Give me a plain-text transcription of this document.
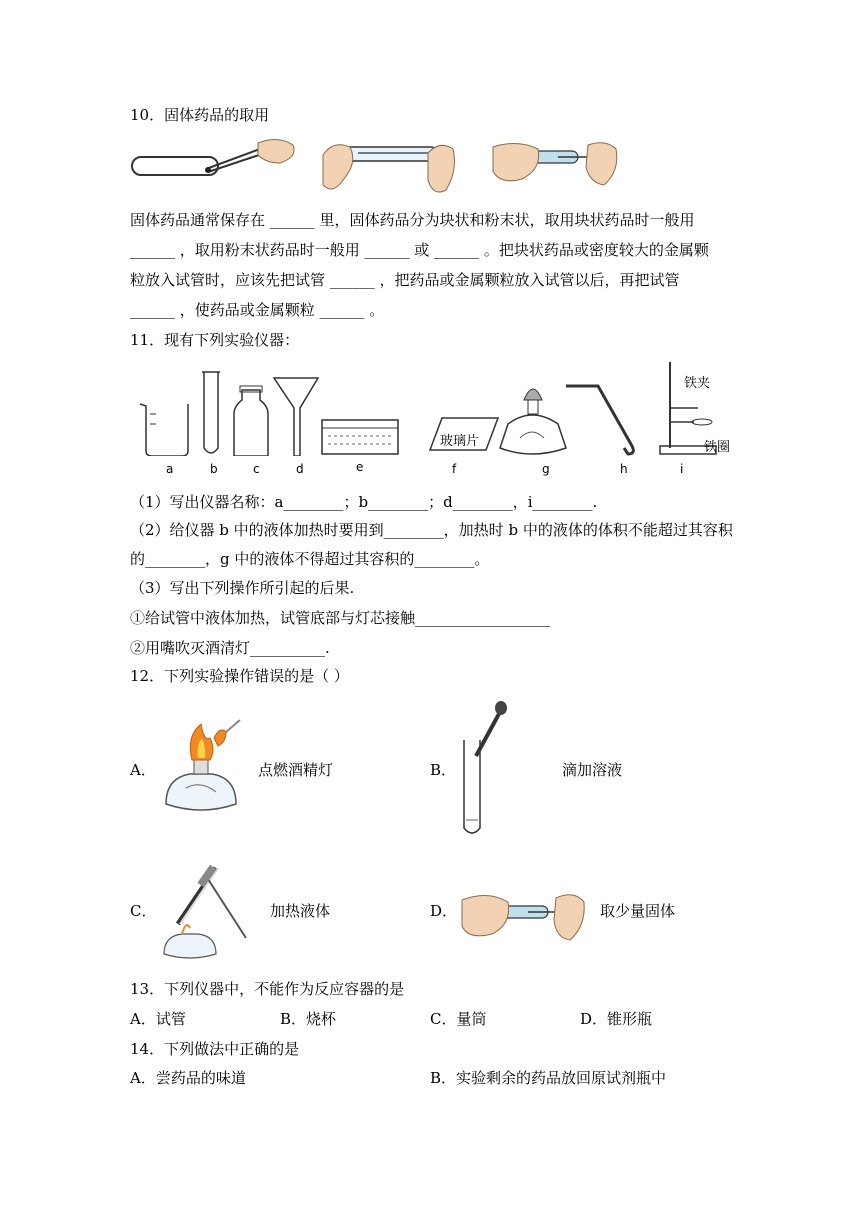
10．固体药品的取用
固体药品通常保存在 ______ 里，固体药品分为块状和粉末状，取用块状药品时一般用
______ ，取用粉末状药品时一般用 ______ 或 ______ 。把块状药品或密度较大的金属颗
粒放入试管时，应该先把试管 ______ ，把药品或金属颗粒放入试管以后，再把试管
______ ，使药品或金属颗粒 ______ 。
11．现有下列实验仪器：
玻璃片
铁夹
铁圈
a	b	c	d	e	f	g	h	i
（1）写出仪器名称：a________；b________；d________，i________.
（2）给仪器 b 中的液体加热时要用到________，加热时 b 中的液体的体积不能超过其容积
的________，g 中的液体不得超过其容积的________。
（3）写出下列操作所引起的后果.
①给试管中液体加热，试管底部与灯芯接触__________________
②用嘴吹灭酒清灯__________.
12．下列实验操作错误的是（ ）
A．	点燃酒精灯	B．	滴加溶液
C．	加热液体	D．	取少量固体
13．下列仪器中，不能作为反应容器的是
A．试管	B．烧杯	C．量筒	D．锥形瓶
14．下列做法中正确的是
A．尝药品的味道	B．实验剩余的药品放回原试剂瓶中
